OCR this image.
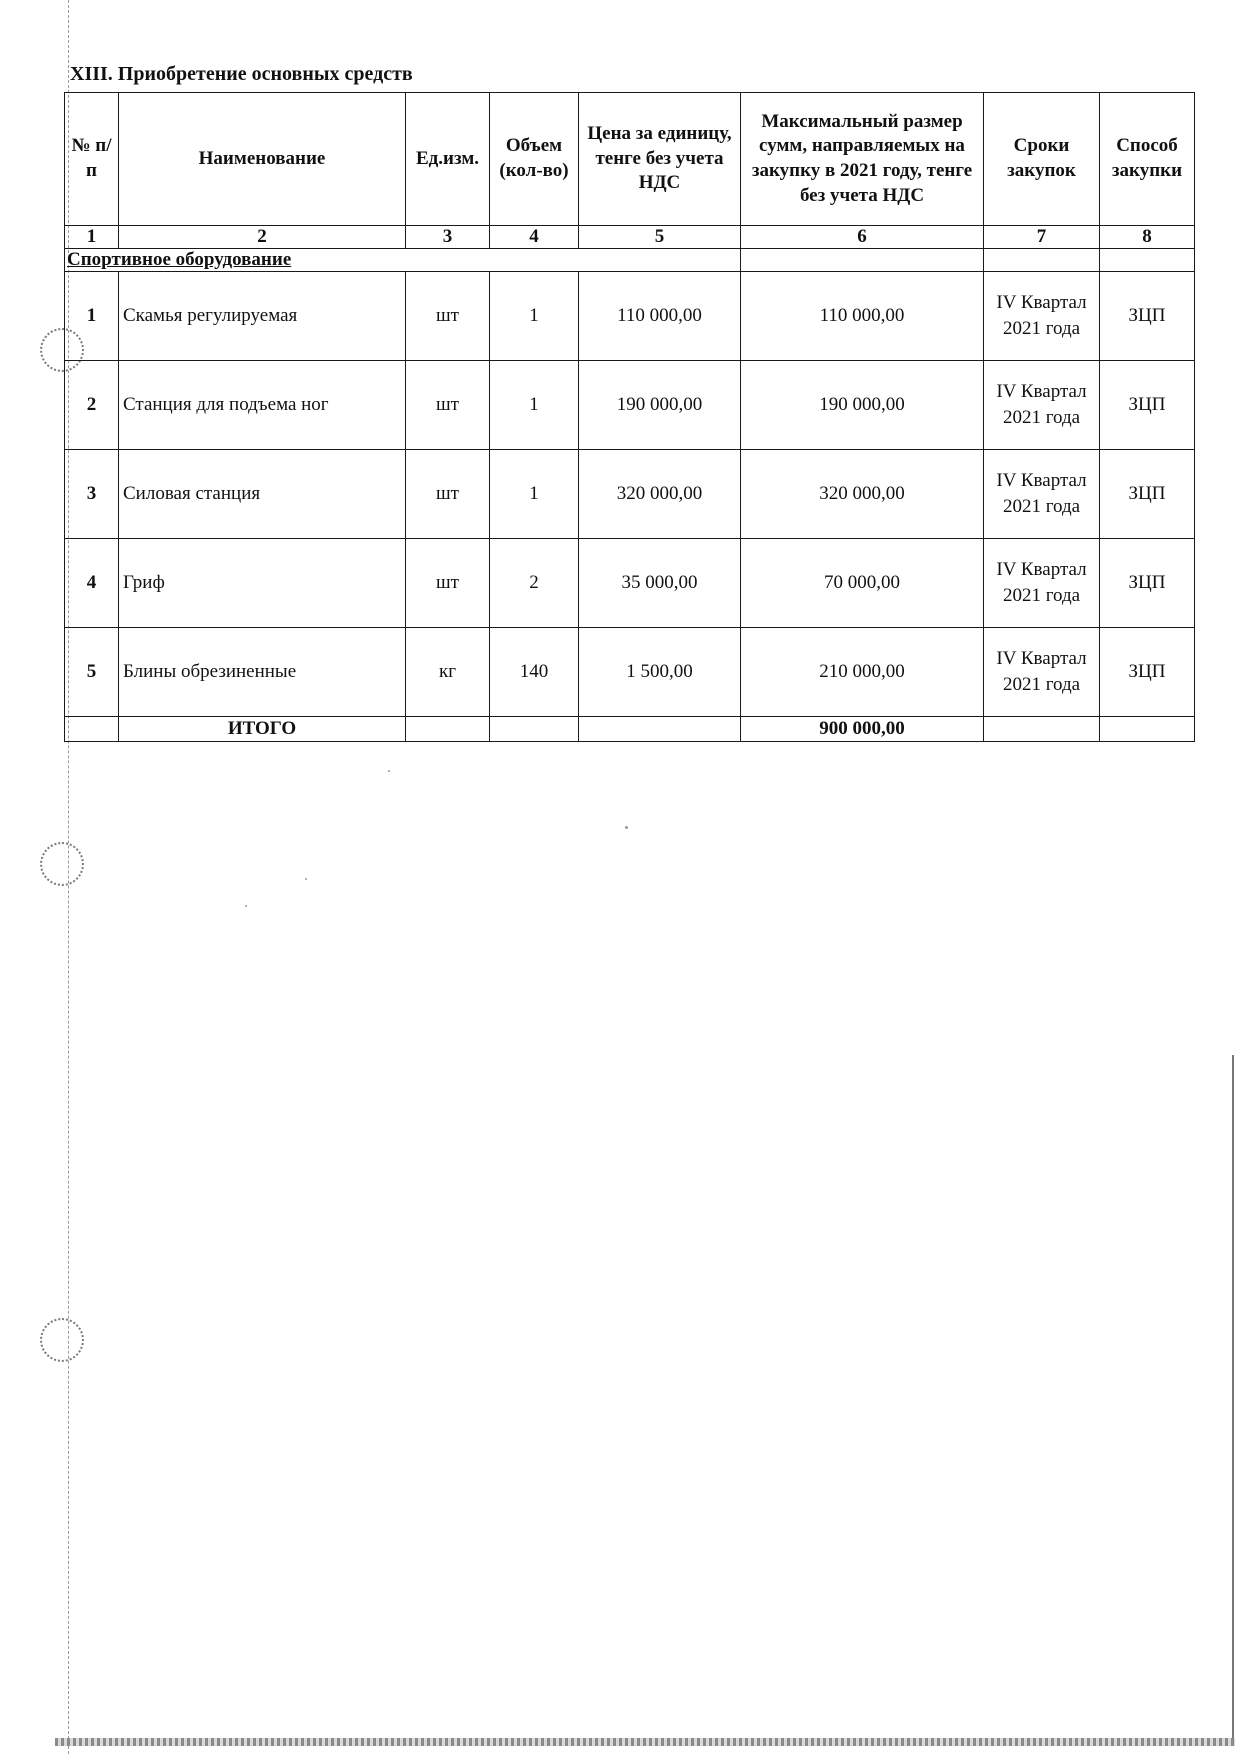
XIII. Приобретение основных средств
№ п/п	Наименование	Ед.изм.	Объем (кол-во)	Цена за единицу, тенге без учета НДС	Максимальный размер сумм, направляемых на закупку в 2021 году, тенге без учета НДС	Сроки закупок	Способ закупки
1	2	3	4	5	6	7	8
Спортивное оборудование							
1	Скамья регулируемая	шт	1	110 000,00	110 000,00	IV Квартал 2021 года	ЗЦП
2	Станция для подъема ног	шт	1	190 000,00	190 000,00	IV Квартал 2021 года	ЗЦП
3	Силовая станция	шт	1	320 000,00	320 000,00	IV Квартал 2021 года	ЗЦП
4	Гриф	шт	2	35 000,00	70 000,00	IV Квартал 2021 года	ЗЦП
5	Блины обрезиненные	кг	140	1 500,00	210 000,00	IV Квартал 2021 года	ЗЦП
	ИТОГО				900 000,00		
